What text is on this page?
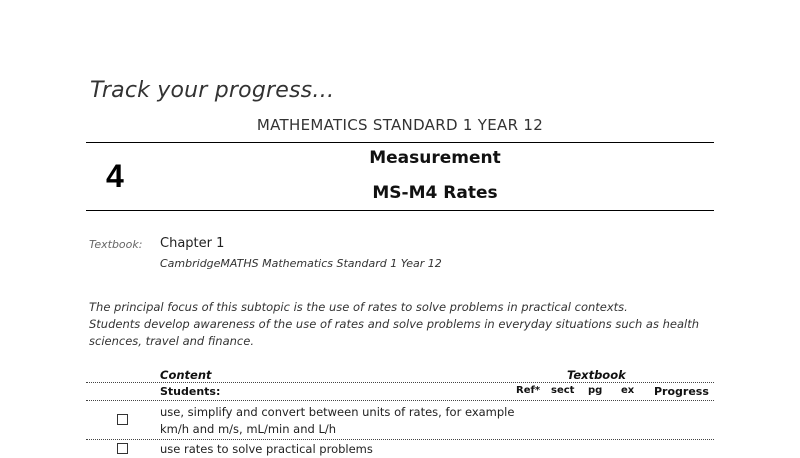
Track your progress…
MATHEMATICS STANDARD 1 YEAR 12
4	Measurement
MS-M4 Rates
Textbook: Chapter 1
CambridgeMATHS Mathematics Standard 1 Year 12
The principal focus of this subtopic is the use of rates to solve problems in practical contexts.
Students develop awareness of the use of rates and solve problems in everyday situations such as health
sciences, travel and finance.
Content	Textbook
Students:	Ref* sect pg ex Progress
use, simplify and convert between units of rates, for example
km/h and m/s, mL/min and L/h
use rates to solve practical problems
